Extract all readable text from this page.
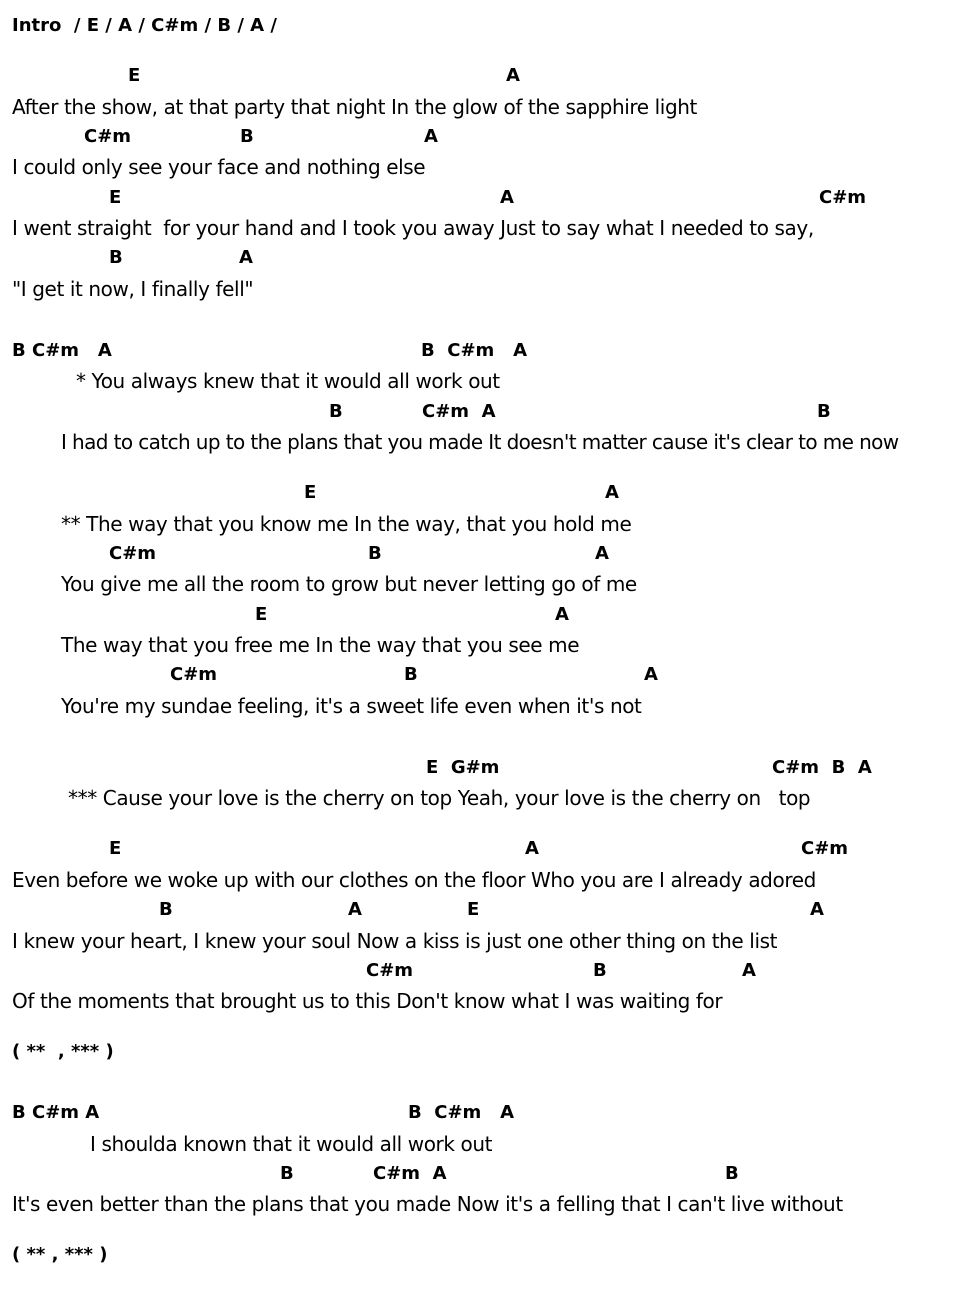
Intro  / E / A / C#m / B / A /
E	A
After the show, at that party that night In the glow of the sapphire light
C#m	B	A
I could only see your face and nothing else
E	A	C#m
I went straight  for your hand and I took you away Just to say what I needed to say,
B	A
"I get it now, I finally fell"
B C#m   A	B  C#m   A
* You always knew that it would all work out
B	C#m  A	B
I had to catch up to the plans that you made It doesn't matter cause it's clear to me now
E	A
** The way that you know me In the way, that you hold me
C#m	B	A
You give me all the room to grow but never letting go of me
E	A
The way that you free me In the way that you see me
C#m	B	A
You're my sundae feeling, it's a sweet life even when it's not
E  G#m	C#m  B  A
*** Cause your love is the cherry on top Yeah, your love is the cherry on   top
E	A	C#m
Even before we woke up with our clothes on the floor Who you are I already adored
B	A	E	A
I knew your heart, I knew your soul Now a kiss is just one other thing on the list
C#m	B	A
Of the moments that brought us to this Don't know what I was waiting for
( **  , *** )
B C#m A	B  C#m   A
I shoulda known that it would all work out
B	C#m  A	B
It's even better than the plans that you made Now it's a felling that I can't live without
( ** , *** )
